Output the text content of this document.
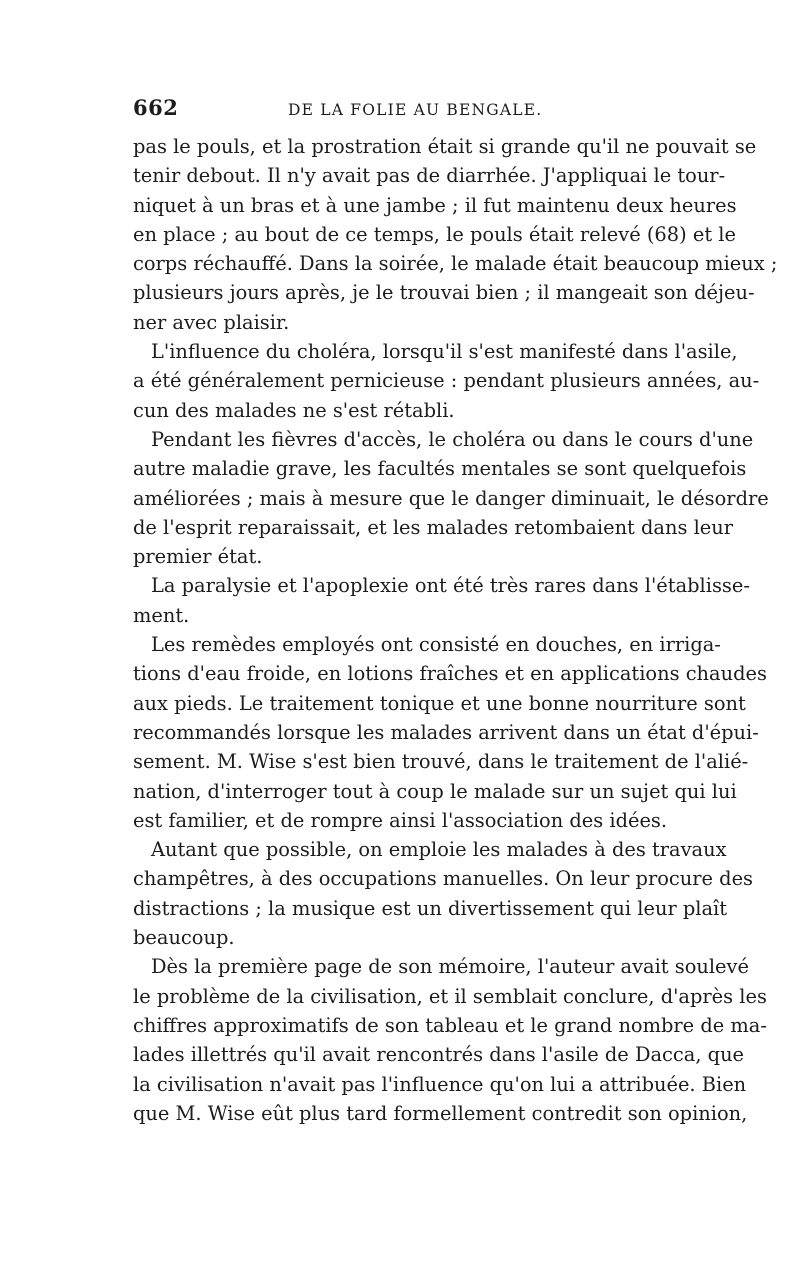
662	DE LA FOLIE AU BENGALE.
pas le pouls, et la prostration était si grande qu'il ne pouvait se
tenir debout. Il n'y avait pas de diarrhée. J'appliquai le tour-
niquet à un bras et à une jambe ; il fut maintenu deux heures
en place ; au bout de ce temps, le pouls était relevé (68) et le
corps réchauffé. Dans la soirée, le malade était beaucoup mieux ;
plusieurs jours après, je le trouvai bien ; il mangeait son déjeu-
ner avec plaisir.
L'influence du choléra, lorsqu'il s'est manifesté dans l'asile,
a été généralement pernicieuse : pendant plusieurs années, au-
cun des malades ne s'est rétabli.
Pendant les fièvres d'accès, le choléra ou dans le cours d'une
autre maladie grave, les facultés mentales se sont quelquefois
améliorées ; mais à mesure que le danger diminuait, le désordre
de l'esprit reparaissait, et les malades retombaient dans leur
premier état.
La paralysie et l'apoplexie ont été très rares dans l'établisse-
ment.
Les remèdes employés ont consisté en douches, en irriga-
tions d'eau froide, en lotions fraîches et en applications chaudes
aux pieds. Le traitement tonique et une bonne nourriture sont
recommandés lorsque les malades arrivent dans un état d'épui-
sement. M. Wise s'est bien trouvé, dans le traitement de l'alié-
nation, d'interroger tout à coup le malade sur un sujet qui lui
est familier, et de rompre ainsi l'association des idées.
Autant que possible, on emploie les malades à des travaux
champêtres, à des occupations manuelles. On leur procure des
distractions ; la musique est un divertissement qui leur plaît
beaucoup.
Dès la première page de son mémoire, l'auteur avait soulevé
le problème de la civilisation, et il semblait conclure, d'après les
chiffres approximatifs de son tableau et le grand nombre de ma-
lades illettrés qu'il avait rencontrés dans l'asile de Dacca, que
la civilisation n'avait pas l'influence qu'on lui a attribuée. Bien
que M. Wise eût plus tard formellement contredit son opinion,
